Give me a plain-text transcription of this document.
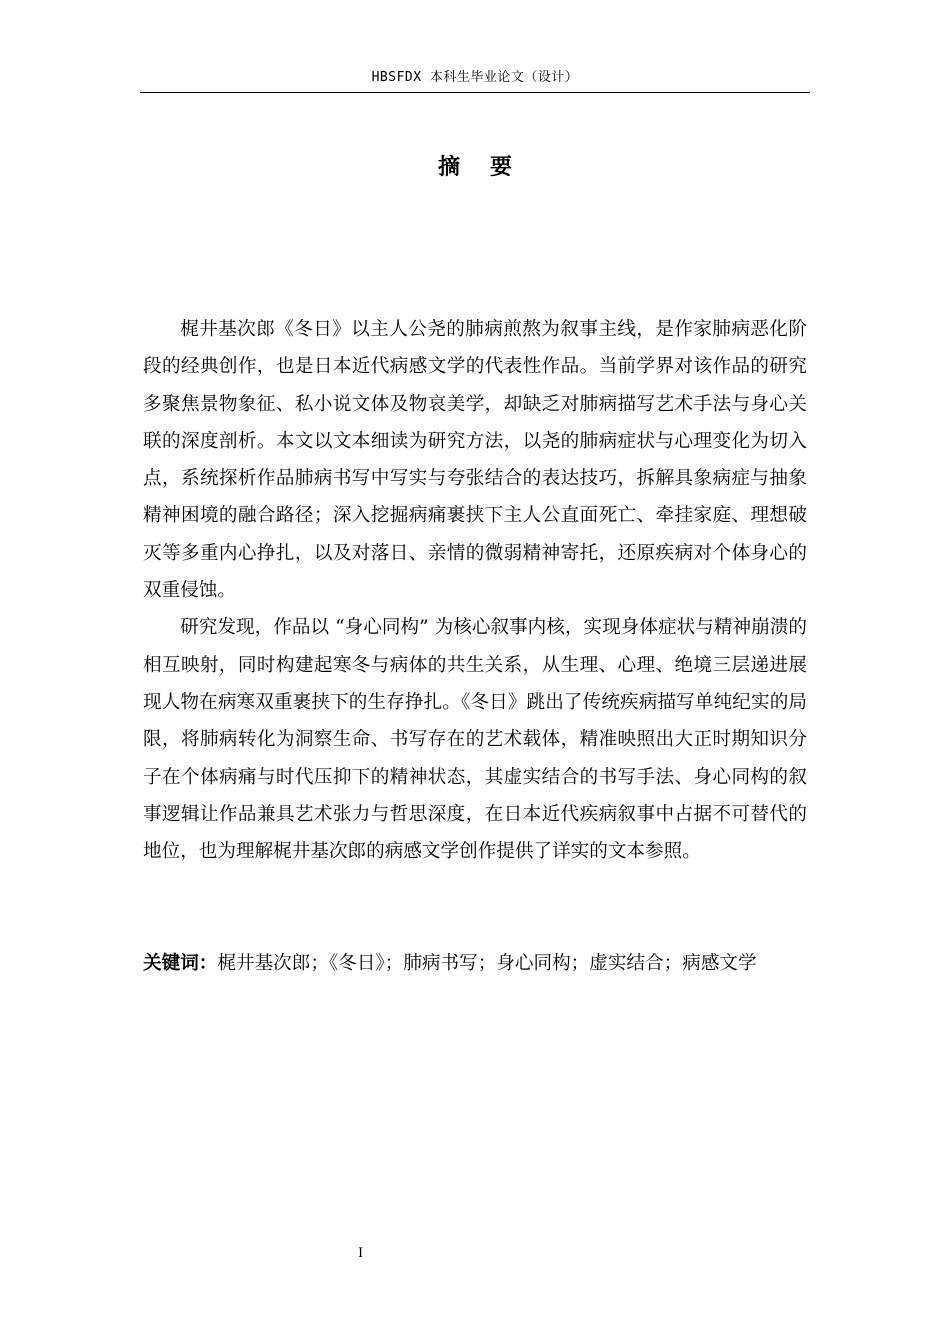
HBSFDX 本科生毕业论文（设计）
摘要

梶井基次郎《冬日》以主人公尧的肺病煎熬为叙事主线，是作家肺病恶化阶段的经典创作，也是日本近代病感文学的代表性作品。当前学界对该作品的研究多聚焦景物象征、私小说文体及物哀美学，却缺乏对肺病描写艺术手法与身心关联的深度剖析。本文以文本细读为研究方法，以尧的肺病症状与心理变化为切入点，系统探析作品肺病书写中写实与夸张结合的表达技巧，拆解具象病症与抽象精神困境的融合路径；深入挖掘病痛裹挟下主人公直面死亡、牵挂家庭、理想破灭等多重内心挣扎，以及对落日、亲情的微弱精神寄托，还原疾病对个体身心的双重侵蚀。

研究发现，作品以 “身心同构” 为核心叙事内核，实现身体症状与精神崩溃的相互映射，同时构建起寒冬与病体的共生关系，从生理、心理、绝境三层递进展现人物在病寒双重裹挟下的生存挣扎。《冬日》跳出了传统疾病描写单纯纪实的局限，将肺病转化为洞察生命、书写存在的艺术载体，精准映照出大正时期知识分子在个体病痛与时代压抑下的精神状态，其虚实结合的书写手法、身心同构的叙事逻辑让作品兼具艺术张力与哲思深度，在日本近代疾病叙事中占据不可替代的地位，也为理解梶井基次郎的病感文学创作提供了详实的文本参照。

关键词：梶井基次郎；《冬日》；肺病书写；身心同构；虚实结合；病感文学
I
